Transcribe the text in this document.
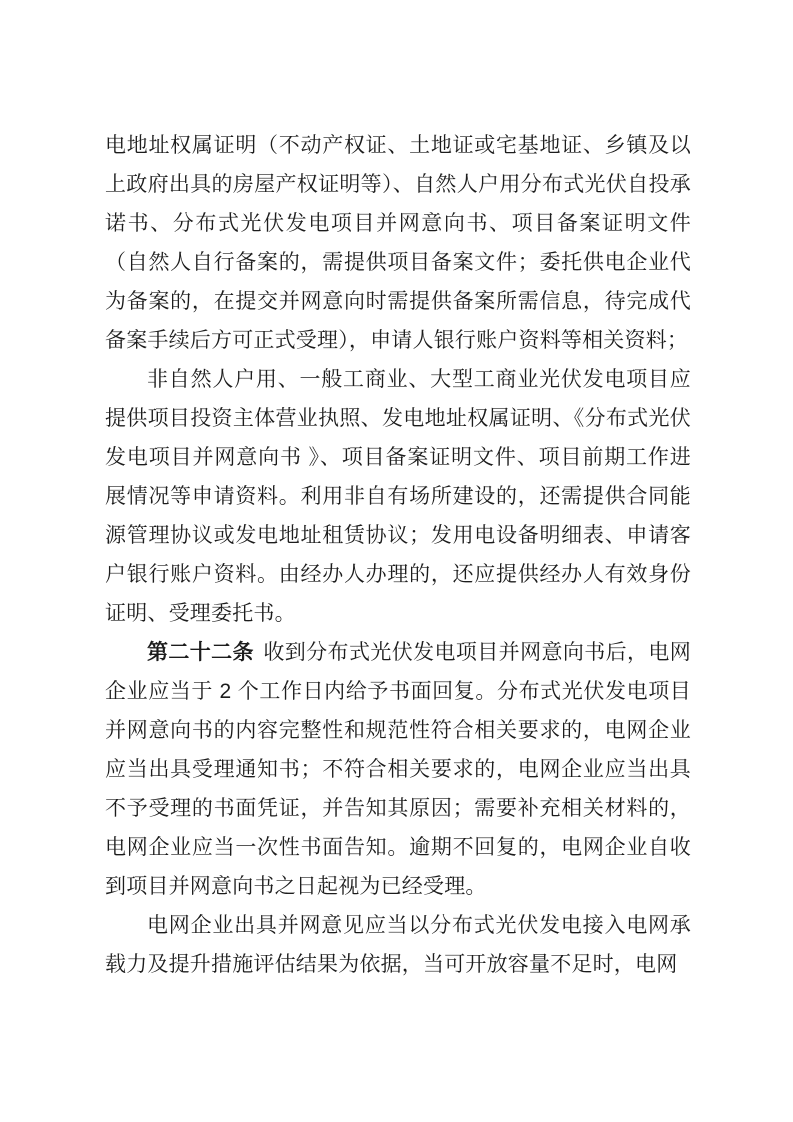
电地址权属证明（不动产权证、土地证或宅基地证、乡镇及以上政府出具的房屋产权证明等）、自然人户用分布式光伏自投承诺书、分布式光伏发电项目并网意向书、项目备案证明文件（自然人自行备案的，需提供项目备案文件；委托供电企业代为备案的，在提交并网意向时需提供备案所需信息，待完成代备案手续后方可正式受理），申请人银行账户资料等相关资料；

非自然人户用、一般工商业、大型工商业光伏发电项目应提供项目投资主体营业执照、发电地址权属证明、《分布式光伏发电项目并网意向书 》、项目备案证明文件、项目前期工作进展情况等申请资料。利用非自有场所建设的，还需提供合同能源管理协议或发电地址租赁协议；发用电设备明细表、申请客户银行账户资料。由经办人办理的，还应提供经办人有效身份证明、受理委托书。

第二十二条 收到分布式光伏发电项目并网意向书后，电网企业应当于 2 个工作日内给予书面回复。分布式光伏发电项目并网意向书的内容完整性和规范性符合相关要求的，电网企业应当出具受理通知书；不符合相关要求的，电网企业应当出具不予受理的书面凭证，并告知其原因；需要补充相关材料的，电网企业应当一次性书面告知。逾期不回复的，电网企业自收到项目并网意向书之日起视为已经受理。

电网企业出具并网意见应当以分布式光伏发电接入电网承载力及提升措施评估结果为依据，当可开放容量不足时，电网
